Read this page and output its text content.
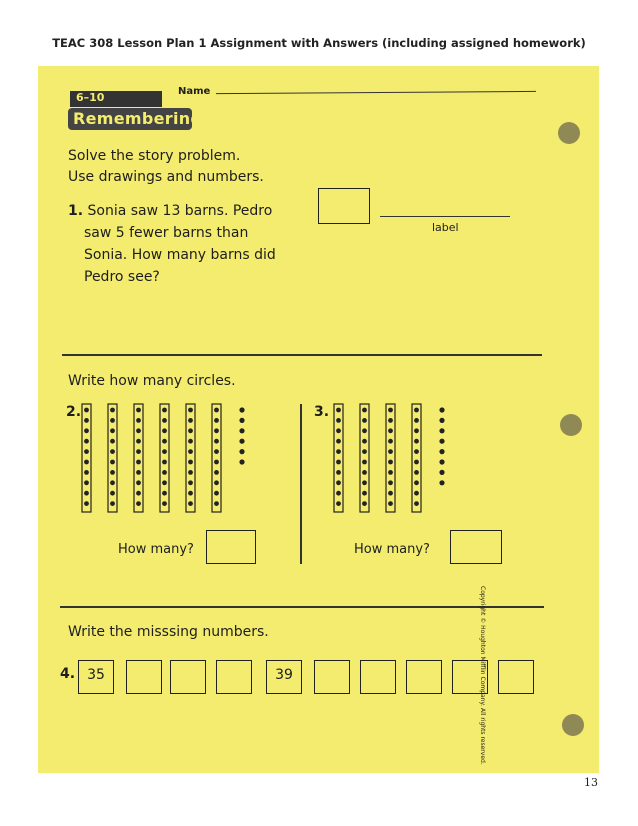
TEAC 308 Lesson Plan 1 Assignment with Answers (including assigned homework)
6–10	Name
Remembering
Solve the story problem.
Use drawings and numbers.
1. Sonia saw 13 barns. Pedro
saw 5 fewer barns than
Sonia. How many barns did
Pedro see?
label
Write how many circles.
2.
How many?
3.
How many?
Write the misssing numbers.
4. 35	39	Copyright © Houghton Mifflin Company. All rights reserved.
13
